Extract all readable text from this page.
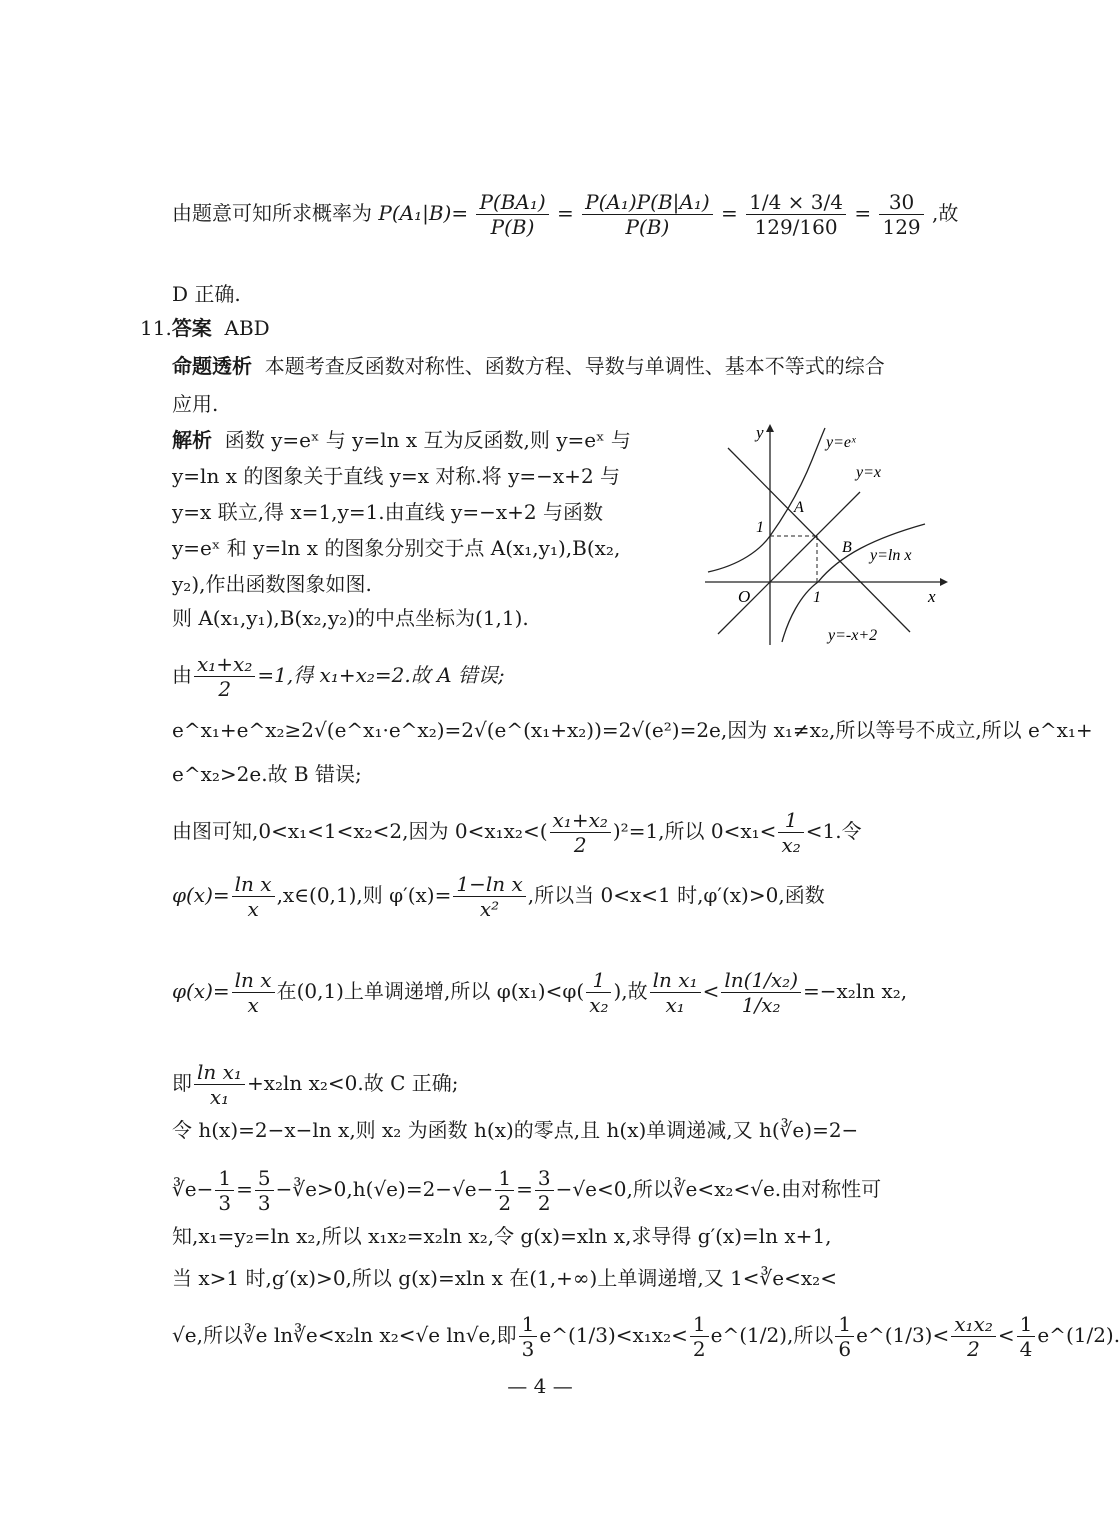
由题意可知所求概率为 $P(A_1|B)= \frac{\text{P(BA₁)}}{P(B)} = \frac{\text{P(A₁)P(B|A₁)}}{P(B)} = \frac{1/4 \times 3/4}{129/160} = \frac{30}{129}$ ,故
D 正确.
11.答案 ABD
命题透析 本题考查反函数对称性、函数方程、导数与单调性、基本不等式的综合
应用.
解析 函数 y=eˣ 与 y=ln x 互为反函数,则 y=eˣ 与
y=ln x 的图象关于直线 y=x 对称.将 y=−x+2 与
y=x 联立,得 x=1,y=1.由直线 y=−x+2 与函数
y=eˣ 和 y=ln x 的图象分别交于点 A(x₁,y₁),B(x₂,
y₂),作出函数图象如图.
则 A(x₁,y₁),B(x₂,y₂)的中点坐标为(1,1).
y
x
O
1
1
y=eˣ
y=x
y=ln x
y=-x+2
A
B
由 $\frac{\text{x₁+x₂}}{2} =1$,得 x₁+x₂=2.故 A 错误;
e^x₁+e^x₂≥2√(e^x₁·e^x₂)=2√(e^(x₁+x₂))=2√(e²)=2e,因为 x₁≠x₂,所以等号不成立,所以 e^x₁+
e^x₂>2e.故 B 错误;
由图可知,0<x₁<1<x₂<2,因为 $0<x_1x_2<( \frac{\text{x₁+x₂}}{2} )^2=1$,所以 $0<x_1< \frac{1}{\text{x₂}} <1$.令
$\varphi(x)= \frac{\text{ln x}}{x}$ ,x∈(0,1),则 $\varphi'(x)= \frac{\text{1−ln x}}{\text{x²}}$ ,所以当 0<x<1 时,φ′(x)>0,函数
$\varphi(x)= \frac{\text{ln x}}{x}$ 在(0,1)上单调递增,所以 $\varphi(x_1)<\varphi( \frac{1}{\text{x₂}}$ ),故 $\frac{\text{ln x₁}}{\text{x₁}} < \frac{\text{ln(1/x₂)}}{\text{1/x₂}} =-x_2\ln$ x₂,
即 $\frac{\text{ln x₁}}{\text{x₁}} +x_2\ln$ x₂<0.故 C 正确;
令 h(x)=2−x−ln x,则 x₂ 为函数 h(x)的零点,且 h(x)单调递减,又 h(∛e)=2−
∛e− $\frac{1}{3} = \frac{5}{3}$ −∛e>0,h(√e)=2−√e− $\frac{1}{2} = \frac{3}{2} -√e<0$,所以∛e<x₂<√e.由对称性可
知,x₁=y₂=ln x₂,所以 x₁x₂=x₂ln x₂,令 g(x)=xln x,求导得 g′(x)=ln x+1,
当 x>1 时,g′(x)>0,所以 g(x)=xln x 在(1,+∞)上单调递增,又 1<∛e<x₂<
√e,所以∛e ln∛e<x₂ln x₂<√e ln√e,即 $\frac{1}{3}$ e^(1/3)<x₁x₂< $\frac{1}{2}$ e^(1/2),所以 $\frac{1}{6}$ e^(1/3)< $\frac{\text{x₁x₂}}{2} < \frac{1}{4}$ e^(1/2).
— 4 —
